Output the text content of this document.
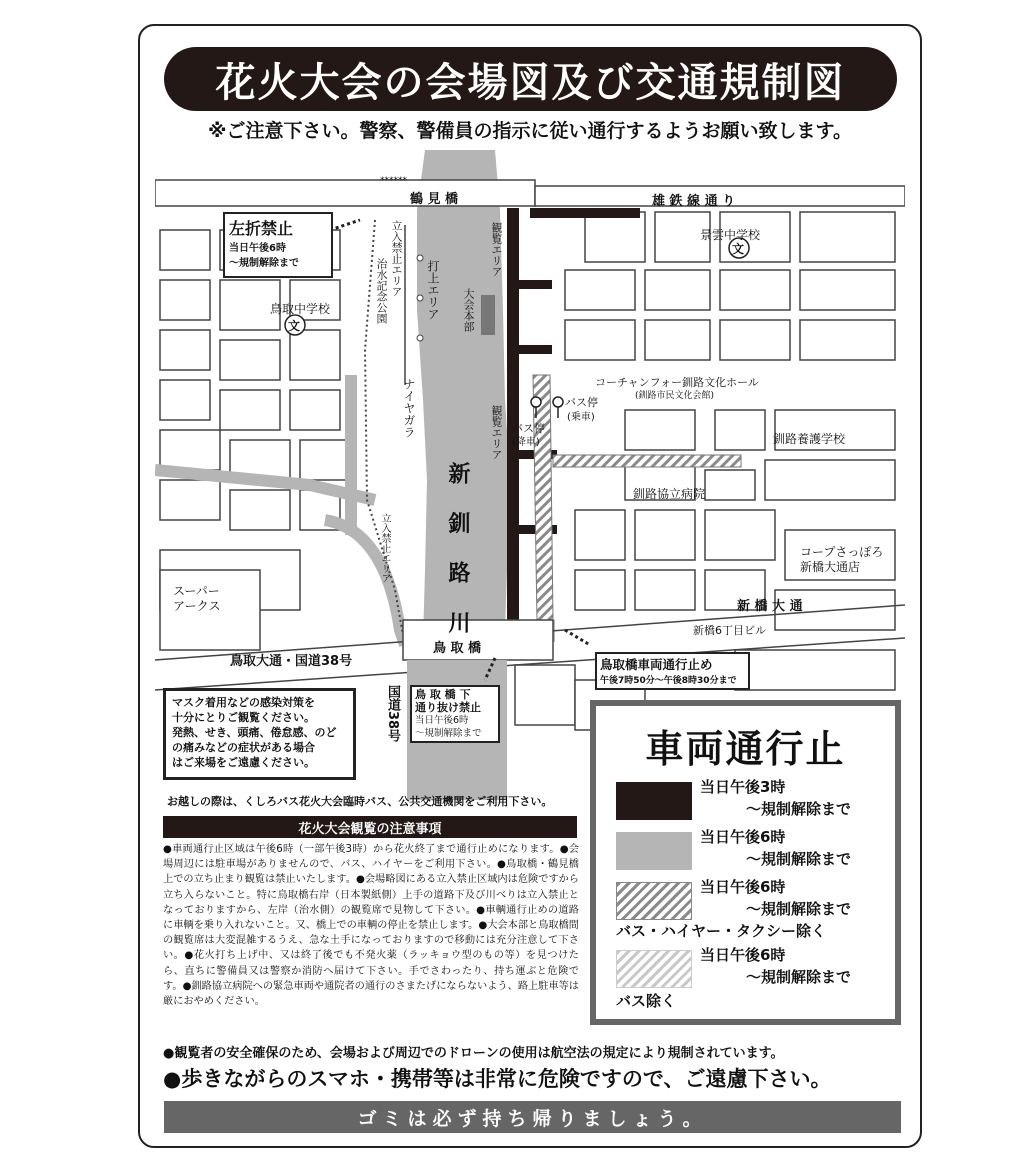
花火大会の会場図及び交通規制図
※ご注意下さい。警察、警備員の指示に従い通行するようお願い致します。
鶴 見 橋	雄 鉄 線 通 り
******
左折禁止
当日午後6時
～規制解除まで
景雲中学校
文
鳥取中学校
文
立入禁止エリア
治水記念公園	打上エリア
観覧エリア
大会本部
ナイヤガラ
新 釧 路 川
観覧エリア バス停
(降車)
バス停
(乗車)
コーチャンフォー釧路文化ホール
(釧路市民文化会館)
釧路養護学校
釧路協立病院
コープさっぽろ
新橋大通店
スーパー
アークス
立入禁止エリア
新 橋 大 通
新橋6丁目ビル
鳥取大通・国道38号
鳥 取 橋
国道38号
鳥取橋車両通行止め
午後7時50分～午後8時30分まで
鳥 取 橋 下
通り抜け禁止
当日午後6時
～規制解除まで
マスク着用などの感染対策を
十分にとりご観覧ください。
発熱、せき、頭痛、倦怠感、のど
の痛みなどの症状がある場合
はご来場をご遠慮ください。
お越しの際は、くしろバス花火大会臨時バス、公共交通機関をご利用下さい。
花火大会観覧の注意事項
●車両通行止区域は午後6時（一部午後3時）から花火終了まで通行止めになります。●会場周辺には駐車場がありませんので、バス、ハイヤーをご利用下さい。●鳥取橋・鶴見橋上での立ち止まり観覧は禁止いたします。●会場略図にある立入禁止区域内は危険ですから立ち入らないこと。特に鳥取橋右岸（日本製紙側）上手の道路下及び川べりは立入禁止となっておりますから、左岸（治水側）の観覧席で見物して下さい。●車輌通行止めの道路に車輌を乗り入れないこと。又、橋上での車輌の停止を禁止します。●大会本部と鳥取橋間の観覧席は大変混雑するうえ、急な土手になっておりますので移動には充分注意して下さい。●花火打ち上げ中、又は終了後でも不発火薬（ラッキョウ型のもの等）を見つけたら、直ちに警備員又は警察か消防へ届けて下さい。手でさわったり、持ち運ぶと危険です。●釧路協立病院への緊急車両や通院者の通行のさまたげにならないよう、路上駐車等は厳におやめください。
車両通行止
当日午後3時
～規制解除まで
当日午後6時
～規制解除まで
当日午後6時
～規制解除まで
バス・ハイヤー・タクシー除く
当日午後6時
～規制解除まで
バス除く
●観覧者の安全確保のため、会場および周辺でのドローンの使用は航空法の規定により規制されています。
●歩きながらのスマホ・携帯等は非常に危険ですので、ご遠慮下さい。
ゴミは必ず持ち帰りましょう。
